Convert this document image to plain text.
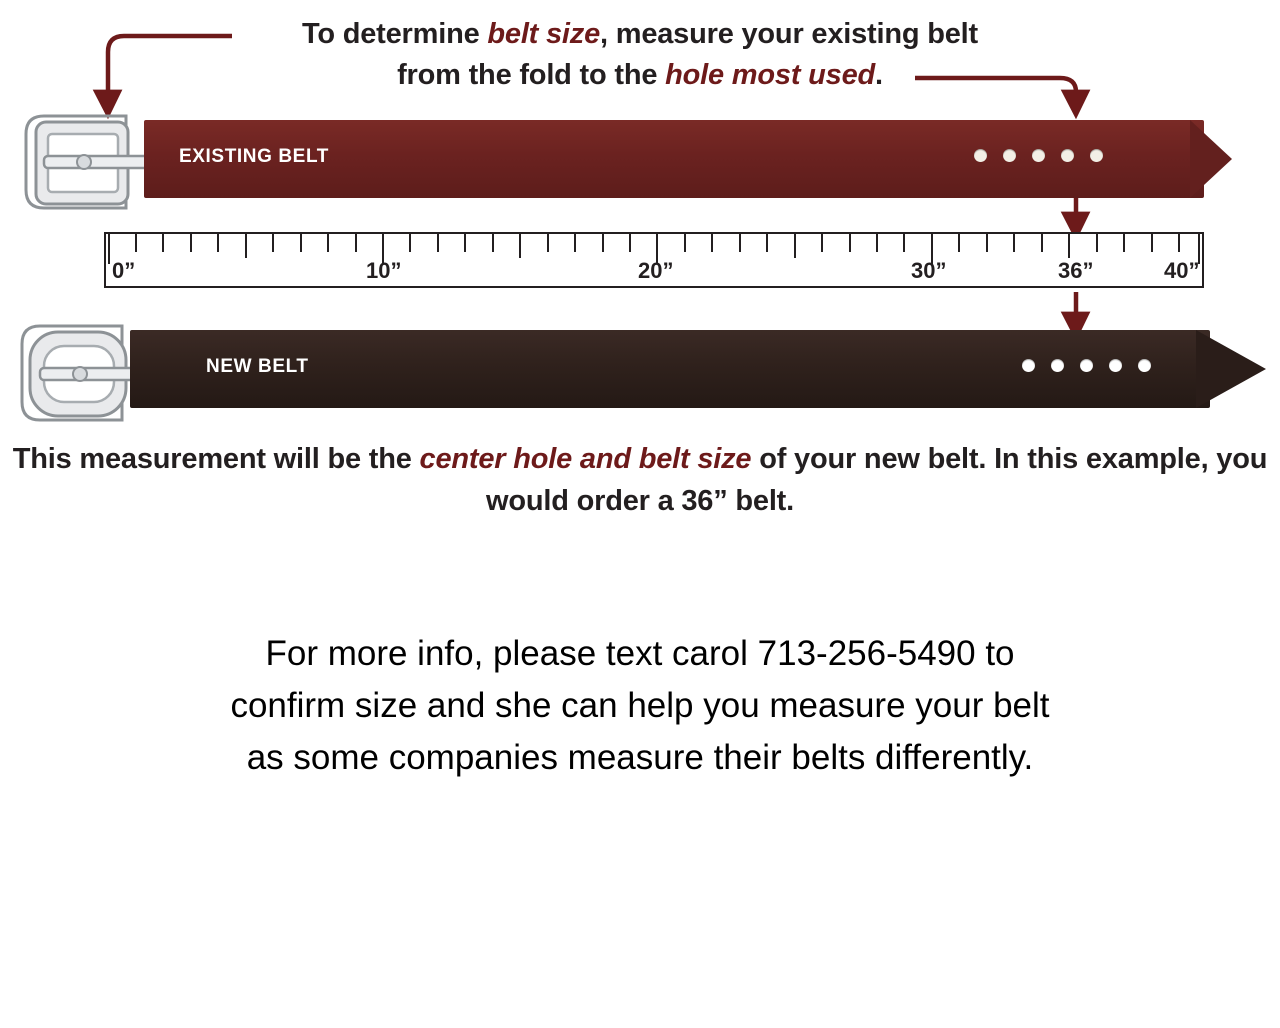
To determine belt size, measure your existing belt
from the fold to the hole most used.
EXISTING BELT
0”	10”	20”	30”	36”	40”
NEW BELT
This measurement will be the center hole and belt size of your new belt. In this example, you would order a 36” belt.
For more info, please text carol 713-256-5490 to
confirm size and she can help you measure your belt
as some companies measure their belts differently.
